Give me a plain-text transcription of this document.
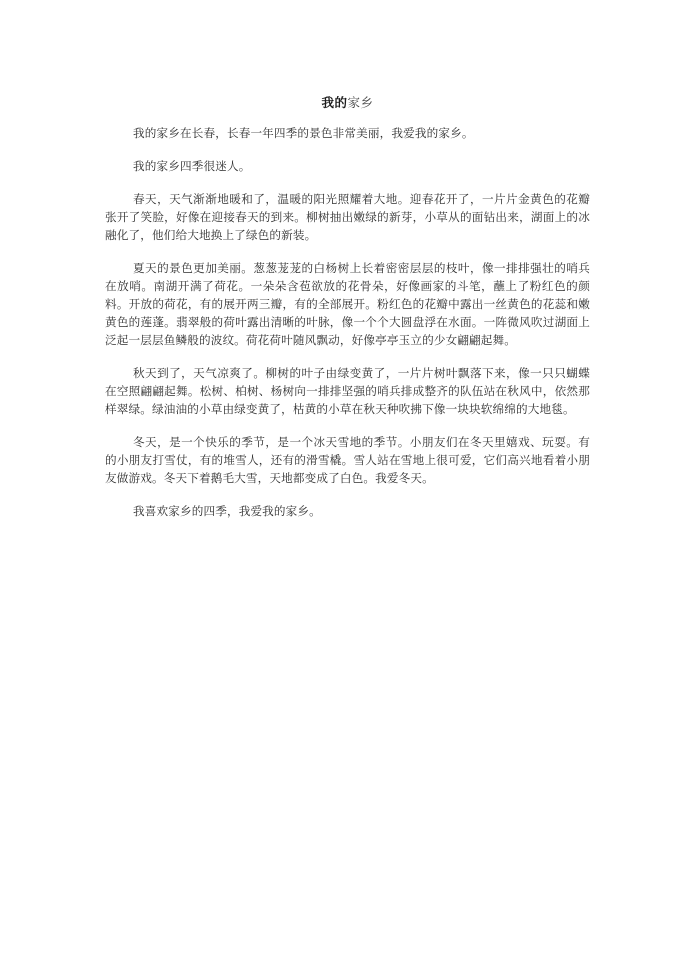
我的家乡

我的家乡在长春，长春一年四季的景色非常美丽，我爱我的家乡。

我的家乡四季很迷人。

春天，天气渐渐地暖和了，温暖的阳光照耀着大地。迎春花开了，一片片金黄色的花瓣张开了笑脸，好像在迎接春天的到来。柳树抽出嫩绿的新芽，小草从的面钻出来，湖面上的冰融化了，他们给大地换上了绿色的新装。

夏天的景色更加美丽。葱葱茏茏的白杨树上长着密密层层的枝叶，像一排排强壮的哨兵在放哨。南湖开满了荷花。一朵朵含苞欲放的花骨朵，好像画家的斗笔，蘸上了粉红色的颜料。开放的荷花，有的展开两三瓣，有的全部展开。粉红色的花瓣中露出一丝黄色的花蕊和嫩黄色的莲蓬。翡翠般的荷叶露出清晰的叶脉，像一个个大圆盘浮在水面。一阵微风吹过湖面上泛起一层层鱼鳞般的波纹。荷花荷叶随风飘动，好像亭亭玉立的少女翩翩起舞。

秋天到了，天气凉爽了。柳树的叶子由绿变黄了，一片片树叶飘落下来，像一只只蝴蝶在空照翩翩起舞。松树、柏树、杨树向一排排坚强的哨兵排成整齐的队伍站在秋风中，依然那样翠绿。绿油油的小草由绿变黄了，枯黄的小草在秋天种吹拂下像一块块软绵绵的大地毯。

冬天，是一个快乐的季节，是一个冰天雪地的季节。小朋友们在冬天里嬉戏、玩耍。有的小朋友打雪仗，有的堆雪人，还有的滑雪橇。雪人站在雪地上很可爱，它们高兴地看着小朋友做游戏。冬天下着鹅毛大雪，天地都变成了白色。我爱冬天。

我喜欢家乡的四季，我爱我的家乡。
